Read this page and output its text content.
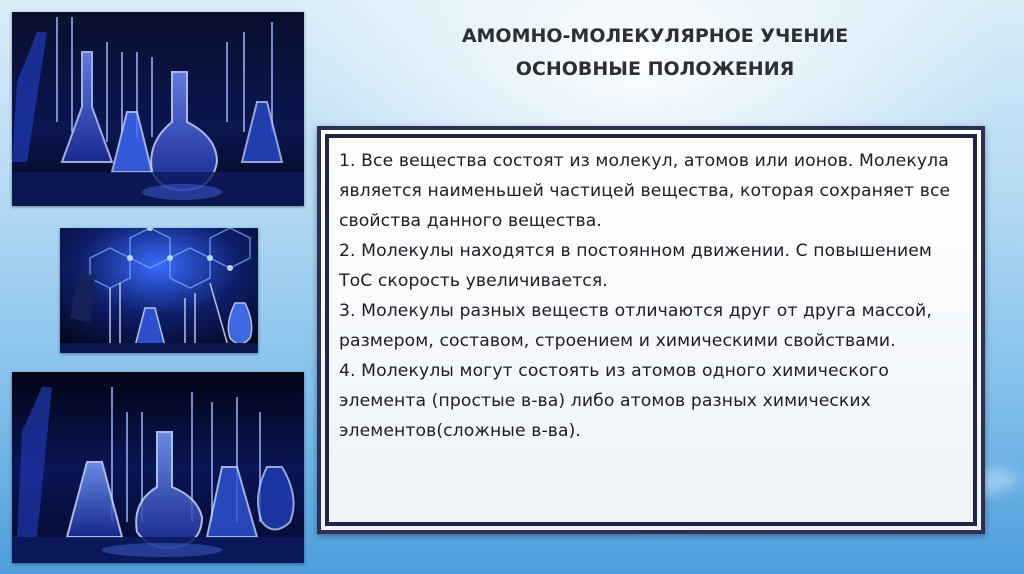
АМОМНО-МОЛЕКУЛЯРНОЕ УЧЕНИЕ
ОСНОВНЫЕ ПОЛОЖЕНИЯ

1. Все вещества состоят из молекул, атомов или ионов. Молекула является наименьшей частицей вещества, которая сохраняет все свойства данного вещества.

2. Молекулы находятся в постоянном движении. С повышением ТоС скорость увеличивается.

3. Молекулы разных веществ отличаются друг от друга массой, размером, составом, строением и химическими свойствами.

4. Молекулы могут состоять из атомов одного химического элемента (простые в-ва) либо атомов разных химических элементов(сложные в-ва).
